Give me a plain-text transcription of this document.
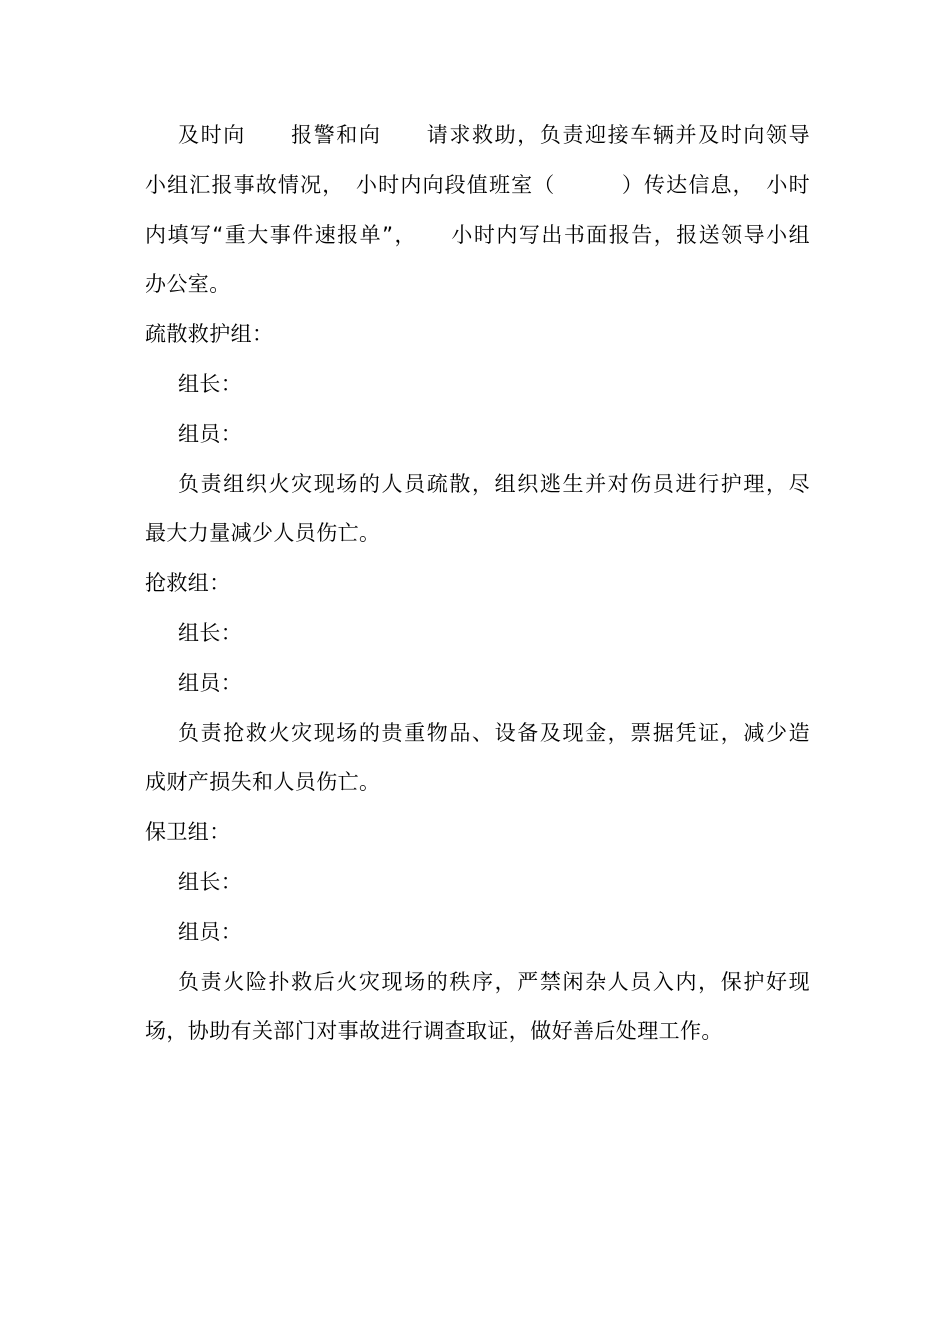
及时向　　报警和向　　请求救助，负责迎接车辆并及时向领导
小组汇报事故情况，　小时内向段值班室（　　　）传达信息，　小时
内填写“重大事件速报单”，　　小时内写出书面报告，报送领导小组
办公室。
疏散救护组：
组长：
组员：
负责组织火灾现场的人员疏散，组织逃生并对伤员进行护理，尽
最大力量减少人员伤亡。
抢救组：
组长：
组员：
负责抢救火灾现场的贵重物品、设备及现金，票据凭证，减少造
成财产损失和人员伤亡。
保卫组：
组长：
组员：
负责火险扑救后火灾现场的秩序，严禁闲杂人员入内，保护好现
场，协助有关部门对事故进行调查取证，做好善后处理工作。
